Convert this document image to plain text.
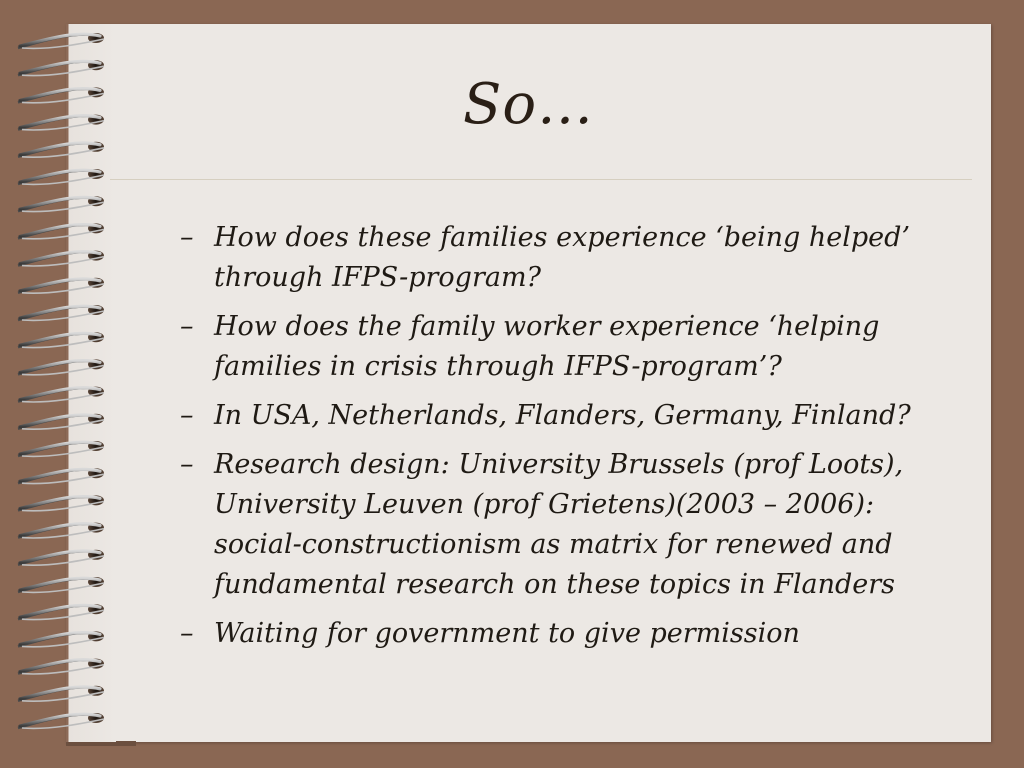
So…
– How does these families experience ‘being helped’ through IFPS-program?
– How does the family worker experience ‘helping families in crisis through IFPS-program’?
– In USA, Netherlands, Flanders, Germany, Finland?
– Research design: University Brussels (prof Loots), University Leuven (prof Grietens)(2003 – 2006): social-constructionism as matrix for renewed and fundamental research on these topics in Flanders
– Waiting for government to give permission
